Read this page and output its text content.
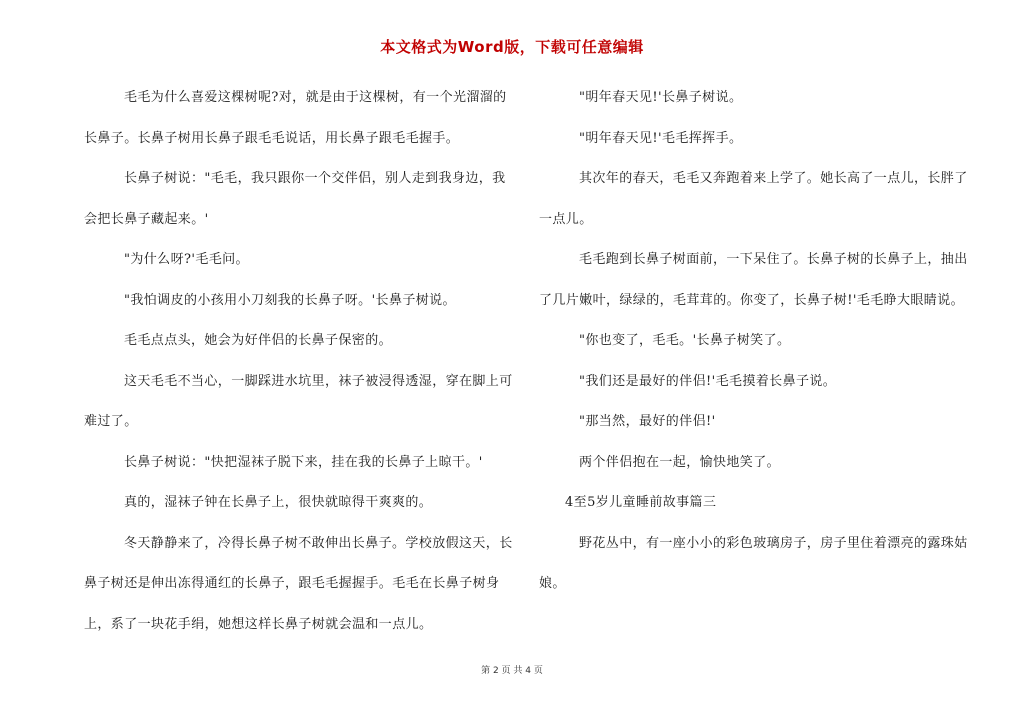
本文格式为Word版，下载可任意编辑

毛毛为什么喜爱这棵树呢?对，就是由于这棵树，有一个光溜溜的长鼻子。长鼻子树用长鼻子跟毛毛说话，用长鼻子跟毛毛握手。

长鼻子树说："毛毛，我只跟你一个交伴侣，别人走到我身边，我会把长鼻子藏起来。'

"为什么呀?'毛毛问。

"我怕调皮的小孩用小刀刻我的长鼻子呀。'长鼻子树说。

毛毛点点头，她会为好伴侣的长鼻子保密的。

这天毛毛不当心，一脚踩进水坑里，袜子被浸得透湿，穿在脚上可难过了。

长鼻子树说："快把湿袜子脱下来，挂在我的长鼻子上晾干。'

真的，湿袜子钟在长鼻子上，很快就晾得干爽爽的。

冬天静静来了，冷得长鼻子树不敢伸出长鼻子。学校放假这天，长鼻子树还是伸出冻得通红的长鼻子，跟毛毛握握手。毛毛在长鼻子树身上，系了一块花手绢，她想这样长鼻子树就会温和一点儿。

"明年春天见!'长鼻子树说。

"明年春天见!'毛毛挥挥手。

其次年的春天，毛毛又奔跑着来上学了。她长高了一点儿，长胖了一点儿。

毛毛跑到长鼻子树面前，一下呆住了。长鼻子树的长鼻子上，抽出了几片嫩叶，绿绿的，毛茸茸的。你变了，长鼻子树!'毛毛睁大眼睛说。

"你也变了，毛毛。'长鼻子树笑了。

"我们还是最好的伴侣!'毛毛摸着长鼻子说。

"那当然，最好的伴侣!'

两个伴侣抱在一起，愉快地笑了。

4至5岁儿童睡前故事篇三

野花丛中，有一座小小的彩色玻璃房子，房子里住着漂亮的露珠姑娘。

第 2 页 共 4 页
